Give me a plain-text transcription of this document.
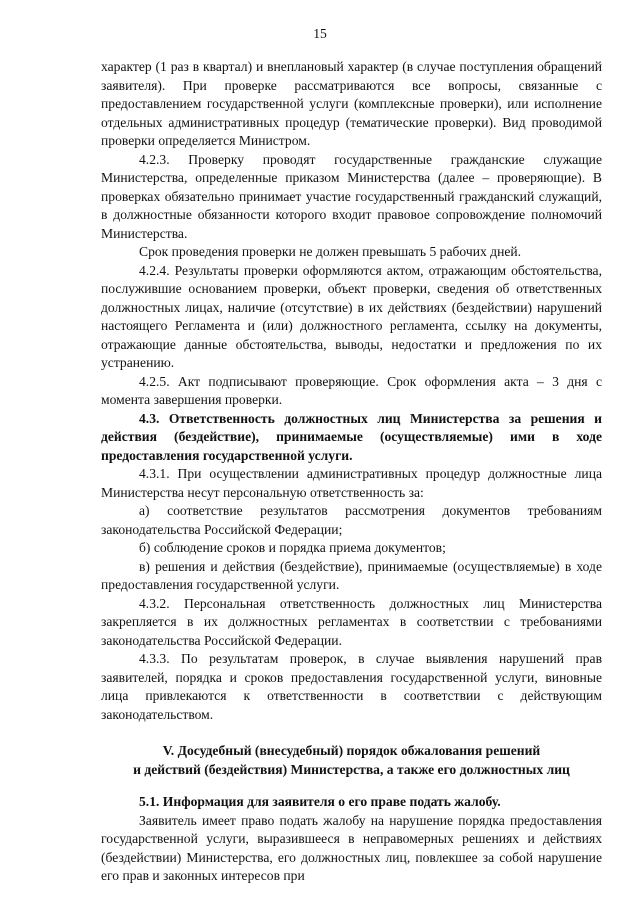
15

характер (1 раз в квартал) и внеплановый характер (в случае поступления обращений заявителя). При проверке рассматриваются все вопросы, связанные с предоставлением государственной услуги (комплексные проверки), или исполнение отдельных административных процедур (тематические проверки). Вид проводимой проверки определяется Министром.

4.2.3. Проверку проводят государственные гражданские служащие Министерства, определенные приказом Министерства (далее – проверяющие). В проверках обязательно принимает участие государственный гражданский служащий, в должностные обязанности которого входит правовое сопровождение полномочий Министерства.

Срок проведения проверки не должен превышать 5 рабочих дней.

4.2.4. Результаты проверки оформляются актом, отражающим обстоятельства, послужившие основанием проверки, объект проверки, сведения об ответственных должностных лицах, наличие (отсутствие) в их действиях (бездействии) нарушений настоящего Регламента и (или) должностного регламента, ссылку на документы, отражающие данные обстоятельства, выводы, недостатки и предложения по их устранению.

4.2.5. Акт подписывают проверяющие. Срок оформления акта – 3 дня с момента завершения проверки.

4.3. Ответственность должностных лиц Министерства за решения и действия (бездействие), принимаемые (осуществляемые) ими в ходе предоставления государственной услуги.

4.3.1. При осуществлении административных процедур должностные лица Министерства несут персональную ответственность за:

а) соответствие результатов рассмотрения документов требованиям законодательства Российской Федерации;

б) соблюдение сроков и порядка приема документов;

в) решения и действия (бездействие), принимаемые (осуществляемые) в ходе предоставления государственной услуги.

4.3.2. Персональная ответственность должностных лиц Министерства закрепляется в их должностных регламентах в соответствии с требованиями законодательства Российской Федерации.

4.3.3. По результатам проверок, в случае выявления нарушений прав заявителей, порядка и сроков предоставления государственной услуги, виновные лица привлекаются к ответственности в соответствии с действующим законодательством.

V. Досудебный (внесудебный) порядок обжалования решений
и действий (бездействия) Министерства, а также его должностных лиц

5.1. Информация для заявителя о его праве подать жалобу.

Заявитель имеет право подать жалобу на нарушение порядка предоставления государственной услуги, выразившееся в неправомерных решениях и действиях (бездействии) Министерства, его должностных лиц, повлекшее за собой нарушение его прав и законных интересов при
